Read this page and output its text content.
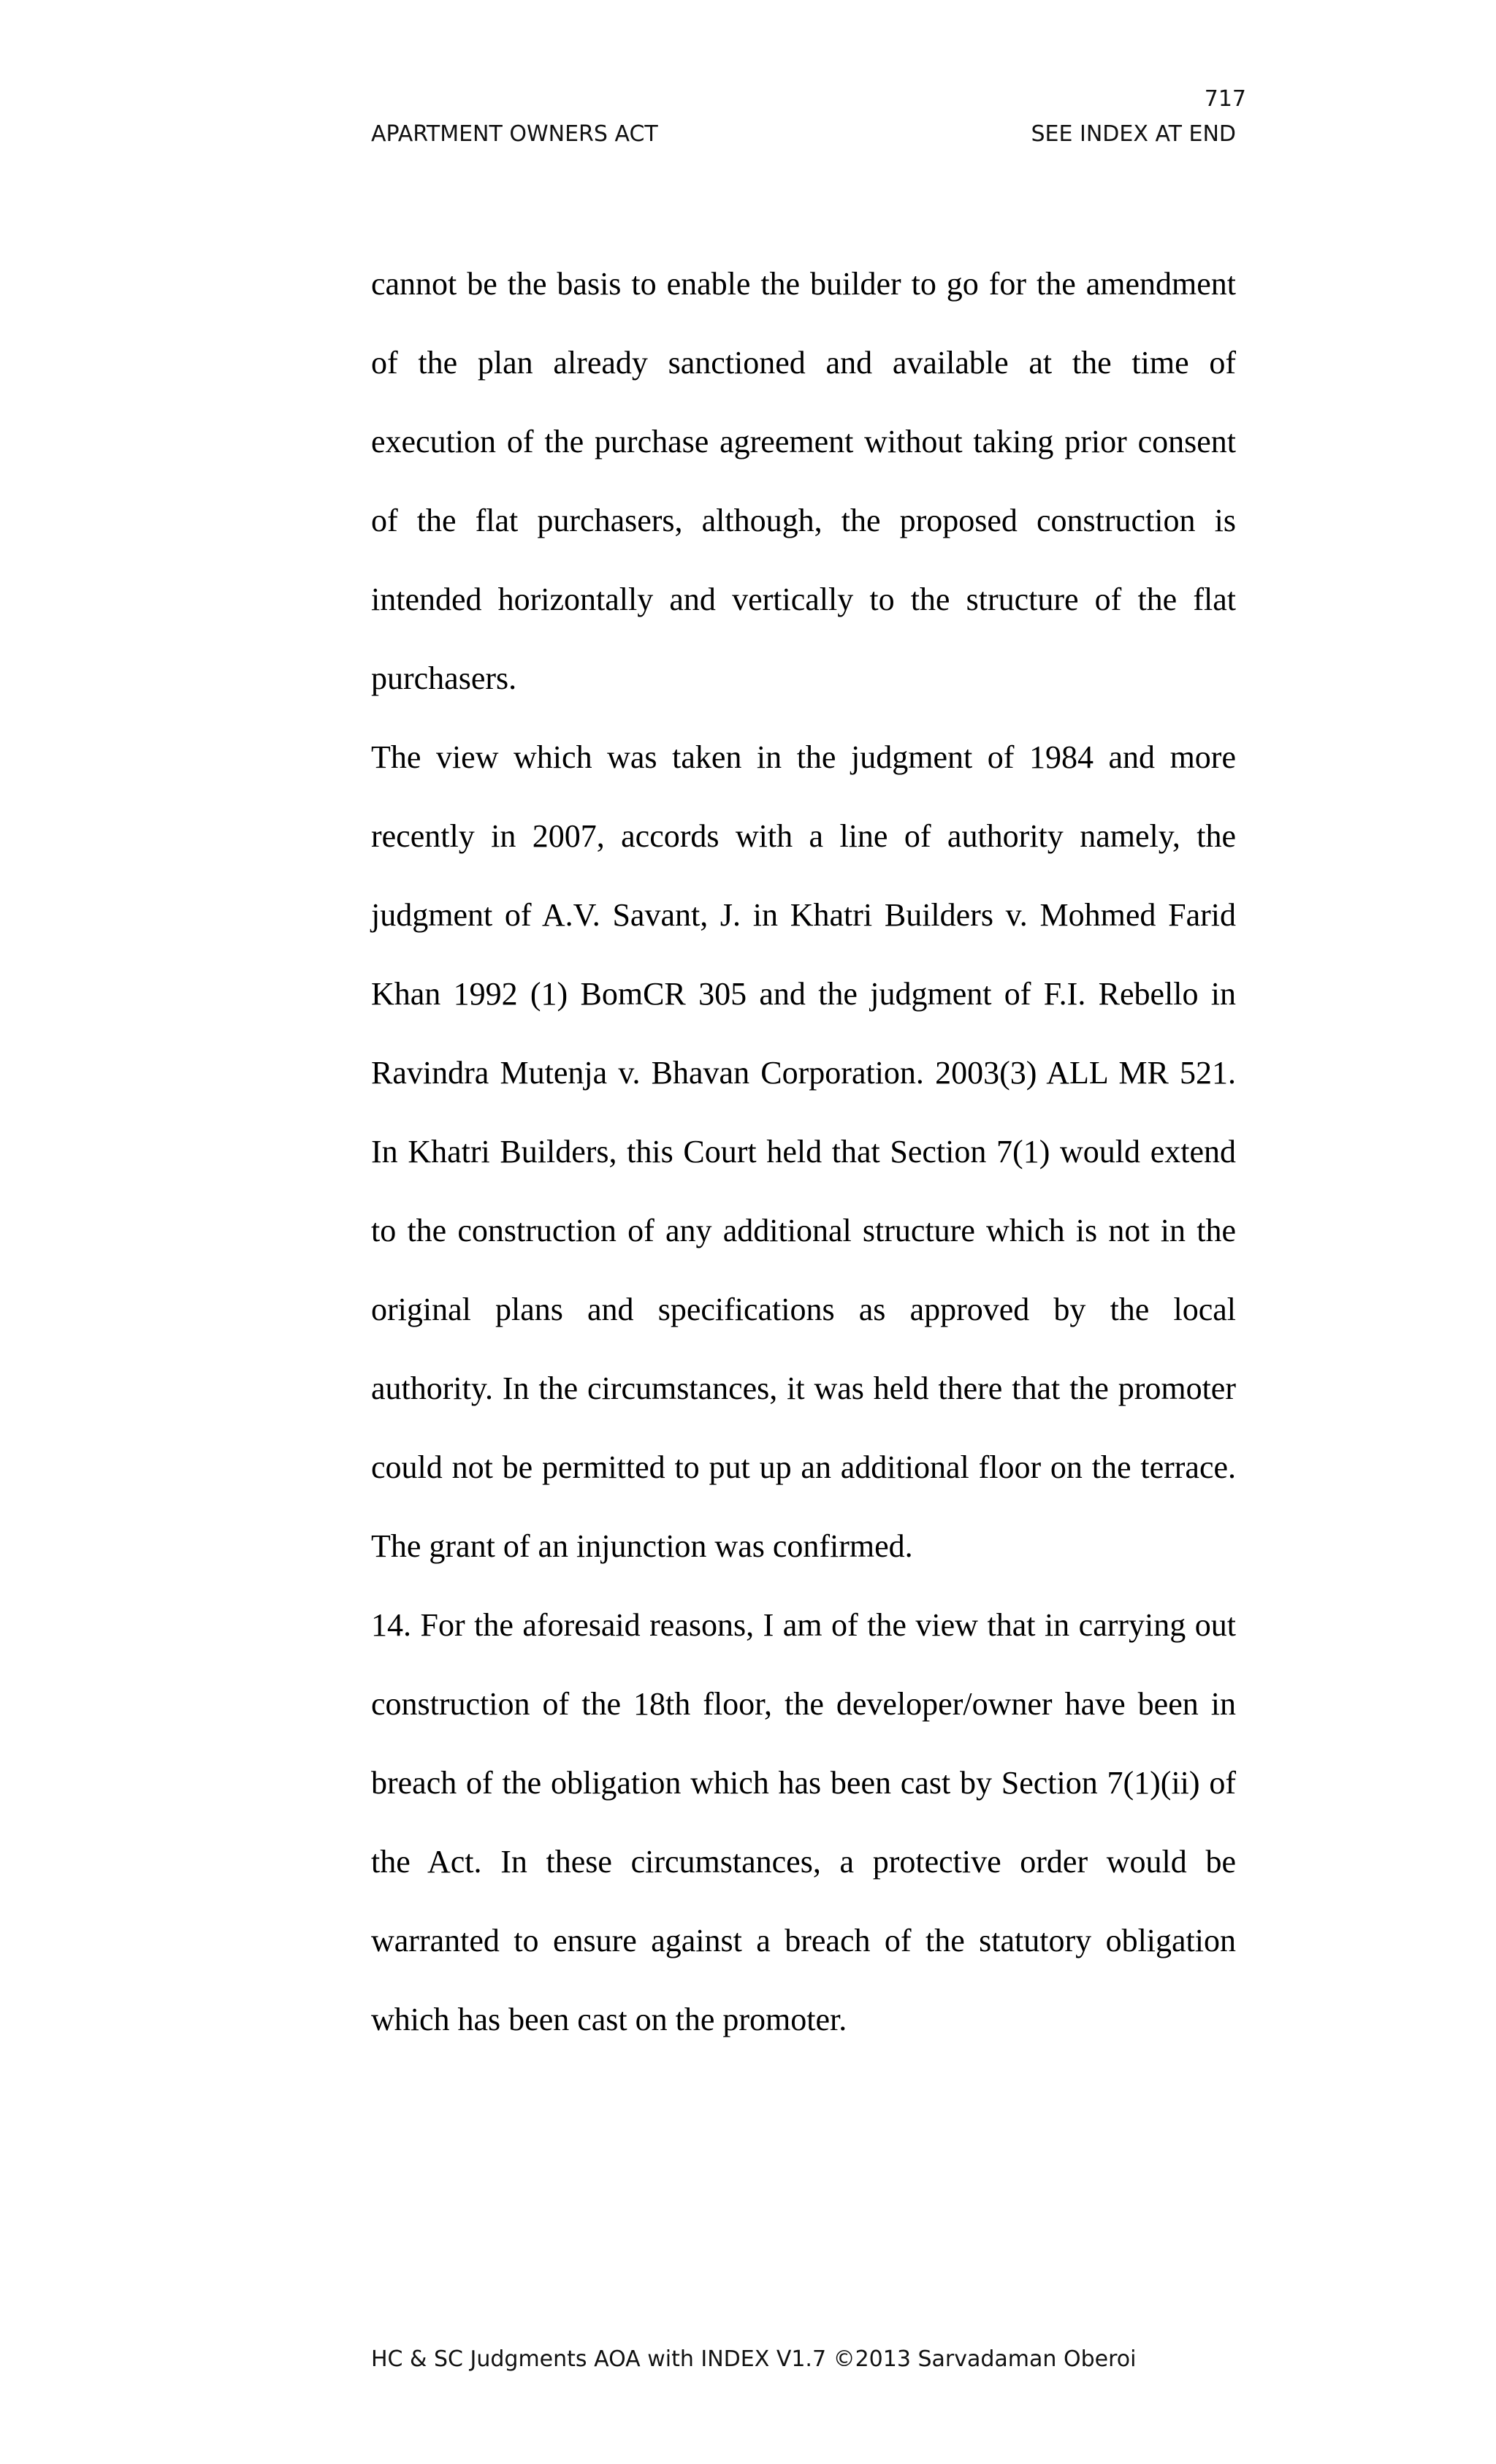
717
APARTMENT OWNERS ACT	SEE INDEX AT END

cannot be the basis to enable the builder to go for the amendment of the plan already sanctioned and available at the time of execution of the purchase agreement without taking prior consent of the flat purchasers, although, the proposed construction is intended horizontally and vertically to the structure of the flat purchasers.

The view which was taken in the judgment of 1984 and more recently in 2007, accords with a line of authority namely, the judgment of A.V. Savant, J. in Khatri Builders v. Mohmed Farid Khan 1992 (1) BomCR 305 and the judgment of F.I. Rebello in Ravindra Mutenja v. Bhavan Corporation. 2003(3) ALL MR 521. In Khatri Builders, this Court held that Section 7(1) would extend to the construction of any additional structure which is not in the original plans and specifications as approved by the local authority. In the circumstances, it was held there that the promoter could not be permitted to put up an additional floor on the terrace. The grant of an injunction was confirmed.

14. For the aforesaid reasons, I am of the view that in carrying out construction of the 18th floor, the developer/owner have been in breach of the obligation which has been cast by Section 7(1)(ii) of the Act. In these circumstances, a protective order would be warranted to ensure against a breach of the statutory obligation which has been cast on the promoter.

HC & SC Judgments AOA with INDEX V1.7 ©2013 Sarvadaman Oberoi
